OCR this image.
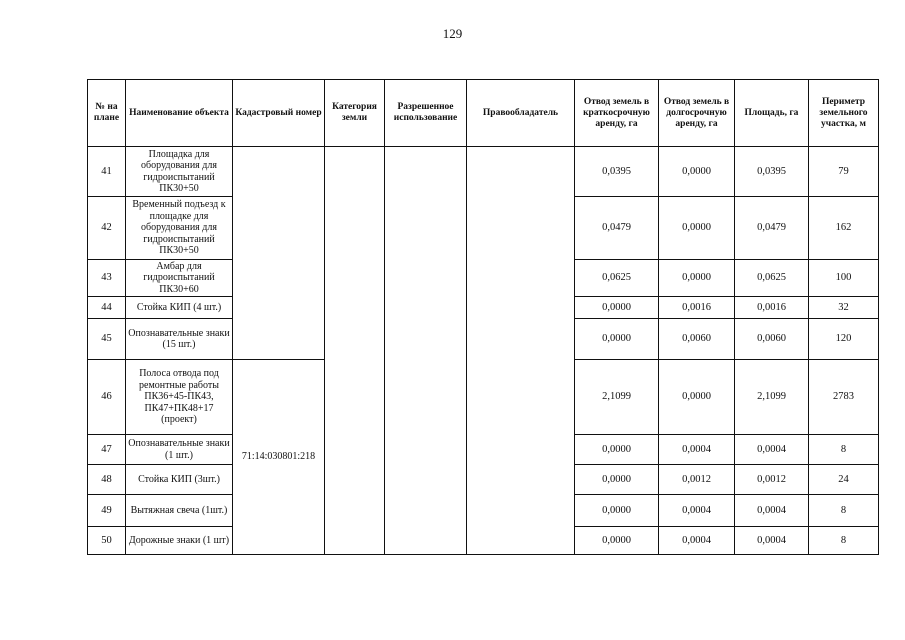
129
№ на плане	Наименование объекта	Кадастровый номер	Категория земли	Разрешенное использование	Правообладатель	Отвод земель в краткосрочную аренду, га	Отвод земель в долгосрочную аренду, га	Площадь, га	Периметр земельного участка, м
41	Площадка для оборудования для гидроиспытаний ПК30+50					0,0395	0,0000	0,0395	79
42	Временный подъезд к площадке для оборудования для гидроиспытаний ПК30+50					0,0479	0,0000	0,0479	162
43	Амбар для гидроиспытаний ПК30+60					0,0625	0,0000	0,0625	100
44	Стойка КИП (4 шт.)					0,0000	0,0016	0,0016	32
45	Опознавательные знаки (15 шт.)					0,0000	0,0060	0,0060	120
46	Полоса отвода под ремонтные работы ПК36+45-ПК43, ПК47+ПК48+17 (проект)	71:14:030801:218				2,1099	0,0000	2,1099	2783
47	Опознавательные знаки (1 шт.)					0,0000	0,0004	0,0004	8
48	Стойка КИП (3шт.)					0,0000	0,0012	0,0012	24
49	Вытяжная свеча (1шт.)					0,0000	0,0004	0,0004	8
50	Дорожные знаки (1 шт)					0,0000	0,0004	0,0004	8
